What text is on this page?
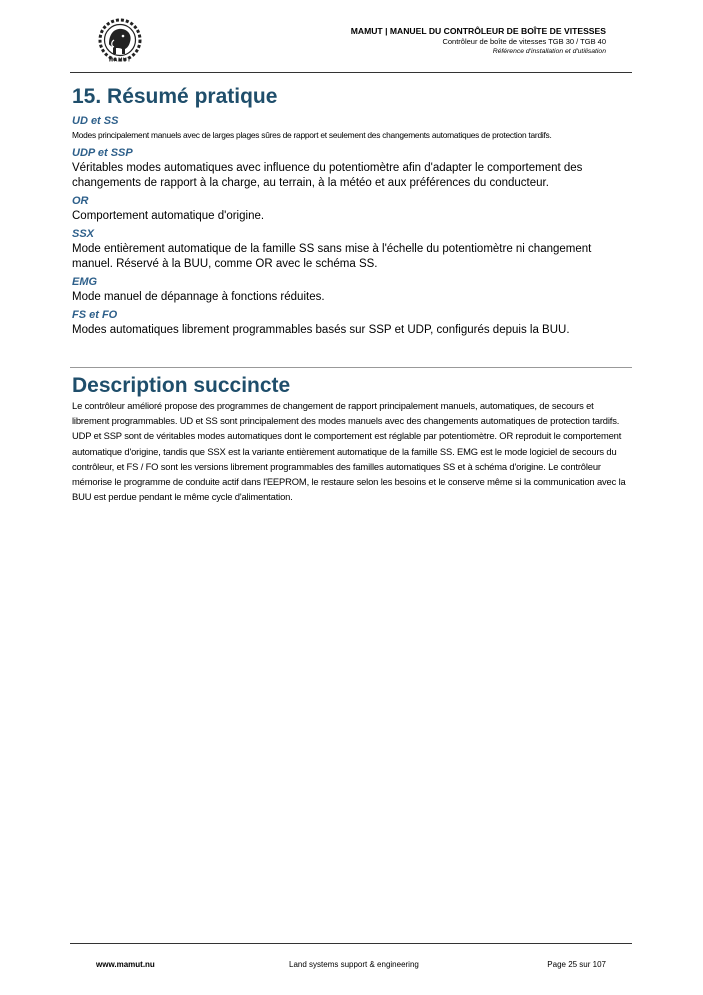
MAMUT
MAMUT | MANUEL DU CONTRÔLEUR DE BOÎTE DE VITESSES
Contrôleur de boîte de vitesses TGB 30 / TGB 40
Référence d'installation et d'utilisation
15. Résumé pratique

UD et SS

Modes principalement manuels avec de larges plages sûres de rapport et seulement des changements automatiques de protection tardifs.

UDP et SSP

Véritables modes automatiques avec influence du potentiomètre afin d'adapter le comportement des changements de rapport à la charge, au terrain, à la météo et aux préférences du conducteur.

OR

Comportement automatique d'origine.

SSX

Mode entièrement automatique de la famille SS sans mise à l'échelle du potentiomètre ni changement manuel. Réservé à la BUU, comme OR avec le schéma SS.

EMG

Mode manuel de dépannage à fonctions réduites.

FS et FO

Modes automatiques librement programmables basés sur SSP et UDP, configurés depuis la BUU.

Description succincte

Le contrôleur amélioré propose des programmes de changement de rapport principalement manuels, automatiques, de secours et librement programmables. UD et SS sont principalement des modes manuels avec des changements automatiques de protection tardifs. UDP et SSP sont de véritables modes automatiques dont le comportement est réglable par potentiomètre. OR reproduit le comportement automatique d'origine, tandis que SSX est la variante entièrement automatique de la famille SS. EMG est le mode logiciel de secours du contrôleur, et FS / FO sont les versions librement programmables des familles automatiques SS et à schéma d'origine. Le contrôleur mémorise le programme de conduite actif dans l'EEPROM, le restaure selon les besoins et le conserve même si la communication avec la BUU est perdue pendant le même cycle d'alimentation.

www.mamut.nu	Land systems support & engineering	Page 25 sur 107
